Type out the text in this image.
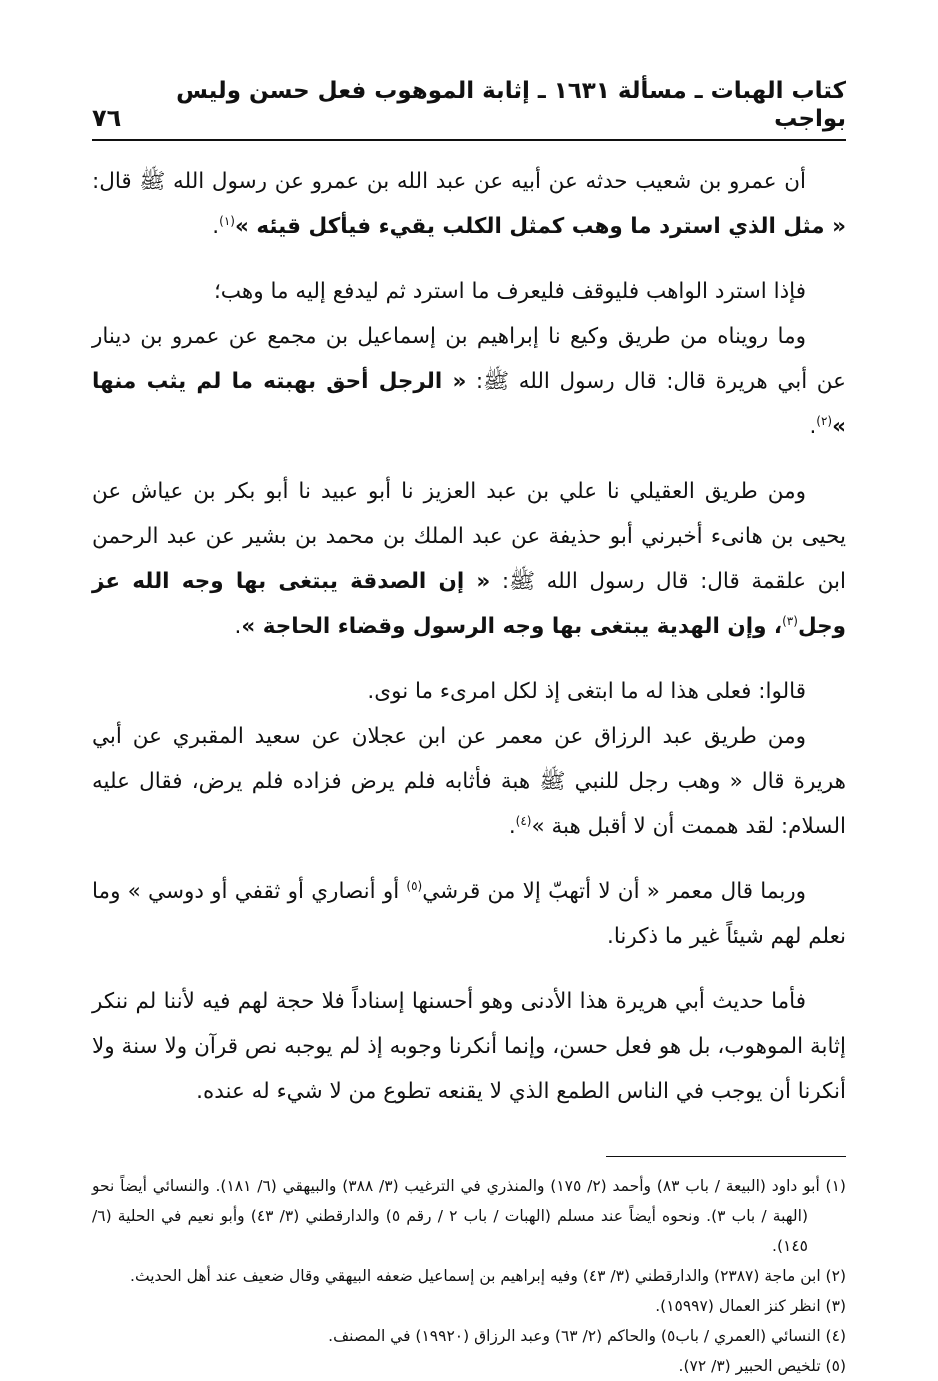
كتاب الهبات ـ مسألة ١٦٣١ ـ إثابة الموهوب فعل حسن وليس بواجب
٧٦

أن عمرو بن شعيب حدثه عن أبيه عن عبد الله بن عمرو عن رسول الله ﷺ قال: « مثل الذي استرد ما وهب كمثل الكلب يقيء فيأكل قيئه »$^{(١)}$.

فإذا استرد الواهب فليوقف فليعرف ما استرد ثم ليدفع إليه ما وهب؛

وما رويناه من طريق وكيع نا إبراهيم بن إسماعيل بن مجمع عن عمرو بن دينار عن أبي هريرة قال: قال رسول الله ﷺ: « الرجل أحق بهبته ما لم يثب منها »$^{(٢)}$.

ومن طريق العقيلي نا علي بن عبد العزيز نا أبو عبيد نا أبو بكر بن عياش عن يحيى بن هانىء أخبرني أبو حذيفة عن عبد الملك بن محمد بن بشير عن عبد الرحمن ابن علقمة قال: قال رسول الله ﷺ: « إن الصدقة يبتغى بها وجه الله عز وجل$^{(٣)}$، وإن الهدية يبتغى بها وجه الرسول وقضاء الحاجة ».

قالوا: فعلى هذا له ما ابتغى إذ لكل امرىء ما نوى.

ومن طريق عبد الرزاق عن معمر عن ابن عجلان عن سعيد المقبري عن أبي هريرة قال « وهب رجل للنبي ﷺ هبة فأثابه فلم يرض فزاده فلم يرض، فقال عليه السلام: لقد هممت أن لا أقبل هبة »$^{(٤)}$.

وربما قال معمر « أن لا أتهبّ إلا من قرشي$^{(٥)}$ أو أنصاري أو ثقفي أو دوسي » وما نعلم لهم شيئاً غير ما ذكرنا.

فأما حديث أبي هريرة هذا الأدنى وهو أحسنها إسناداً فلا حجة لهم فيه لأننا لم ننكر إثابة الموهوب، بل هو فعل حسن، وإنما أنكرنا وجوبه إذ لم يوجبه نص قرآن ولا سنة ولا أنكرنا أن يوجب في الناس الطمع الذي لا يقنعه تطوع من لا شيء له عنده.

(١) أبو داود (البيعة / باب ٨٣) وأحمد (٢/ ١٧٥) والمنذري في الترغيب (٣/ ٣٨٨) والبيهقي (٦/ ١٨١). والنسائي أيضاً نحو (الهبة / باب ٣). ونحوه أيضاً عند مسلم (الهبات / باب ٢ / رقم ٥) والدارقطني (٣/ ٤٣) وأبو نعيم في الحلية (٦/ ١٤٥).

(٢) ابن ماجة (٢٣٨٧) والدارقطني (٣/ ٤٣) وفيه إبراهيم بن إسماعيل ضعفه البيهقي وقال ضعيف عند أهل الحديث.

(٣) انظر كنز العمال (١٥٩٩٧).

(٤) النسائي (العمري / باب٥) والحاكم (٢/ ٦٣) وعبد الرزاق (١٩٩٢٠) في المصنف.

(٥) تلخيص الحبير (٣/ ٧٢).
